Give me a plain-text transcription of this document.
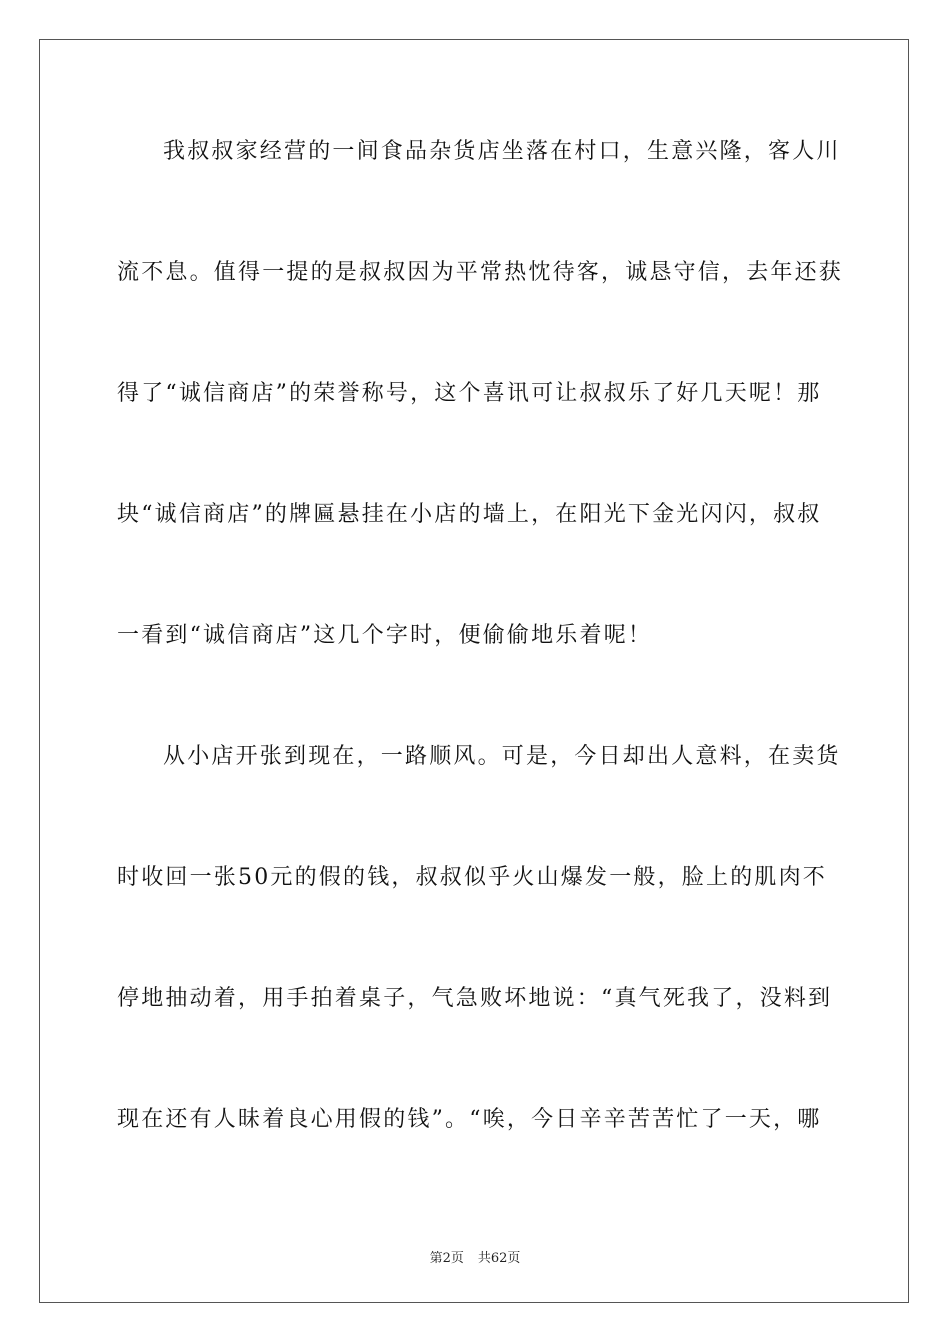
我叔叔家经营的一间食品杂货店坐落在村口，生意兴隆，客人川
流不息。值得一提的是叔叔因为平常热忱待客，诚恳守信，去年还获
得了“诚信商店”的荣誉称号，这个喜讯可让叔叔乐了好几天呢！那
块“诚信商店”的牌匾悬挂在小店的墙上，在阳光下金光闪闪，叔叔
一看到“诚信商店”这几个字时，便偷偷地乐着呢！
从小店开张到现在，一路顺风。可是，今日却出人意料，在卖货
时收回一张50元的假的钱，叔叔似乎火山爆发一般，脸上的肌肉不
停地抽动着，用手拍着桌子，气急败坏地说：“真气死我了，没料到
现在还有人昧着良心用假的钱”。“唉，今日辛辛苦苦忙了一天，哪
第2页 共62页
